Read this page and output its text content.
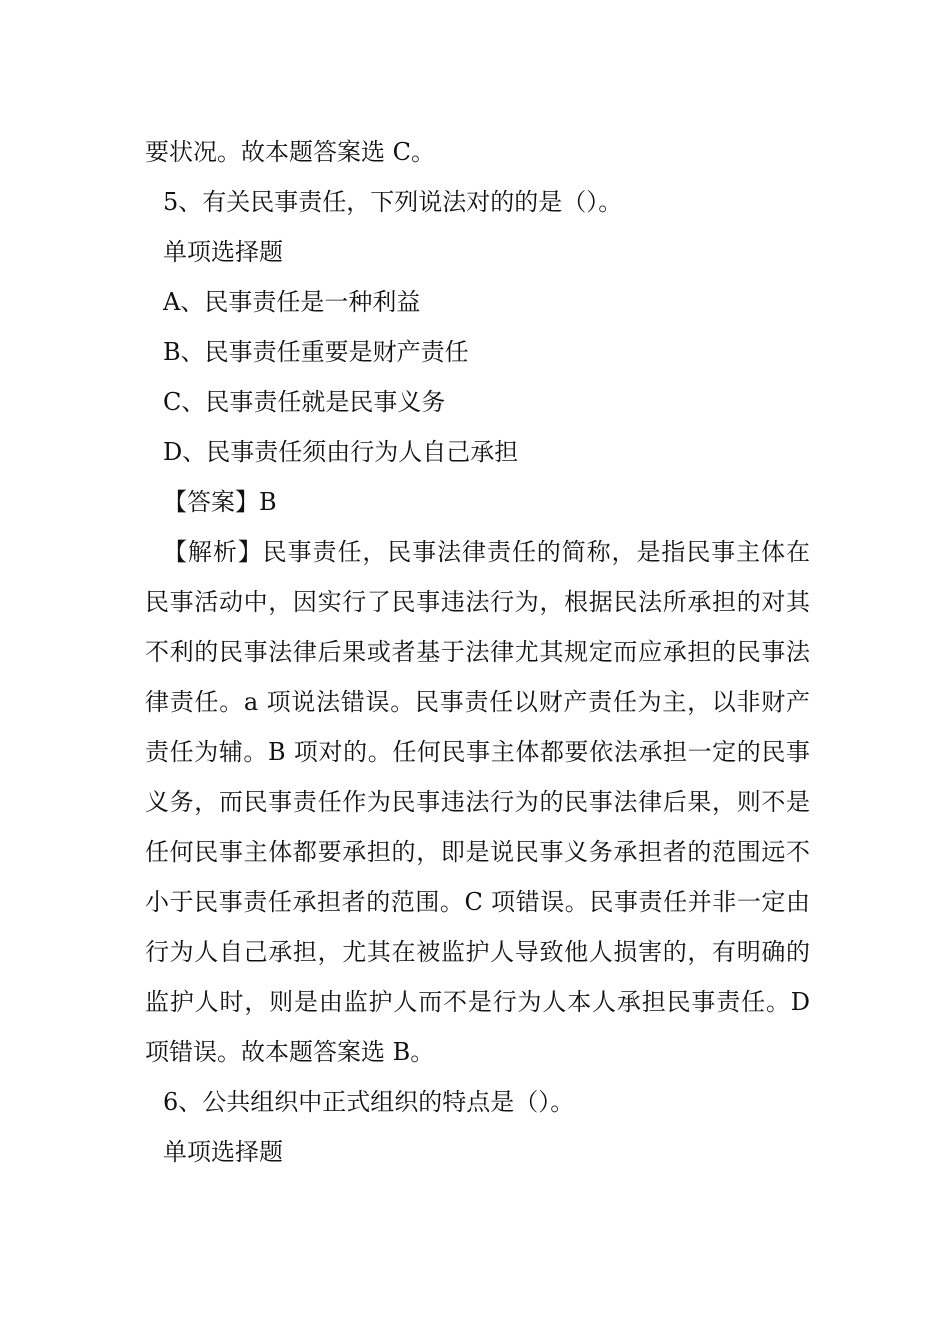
要状况。故本题答案选 C。

5、有关民事责任，下列说法对的的是（）。

单项选择题

A、民事责任是一种利益

B、民事责任重要是财产责任

C、民事责任就是民事义务

D、民事责任须由行为人自己承担

【答案】B

【解析】民事责任，民事法律责任的简称，是指民事主体在民事活动中，因实行了民事违法行为，根据民法所承担的对其不利的民事法律后果或者基于法律尤其规定而应承担的民事法律责任。a 项说法错误。民事责任以财产责任为主，以非财产责任为辅。B 项对的。任何民事主体都要依法承担一定的民事义务，而民事责任作为民事违法行为的民事法律后果，则不是任何民事主体都要承担的，即是说民事义务承担者的范围远不小于民事责任承担者的范围。C 项错误。民事责任并非一定由行为人自己承担，尤其在被监护人导致他人损害的，有明确的监护人时，则是由监护人而不是行为人本人承担民事责任。D 项错误。故本题答案选 B。

6、公共组织中正式组织的特点是（）。

单项选择题
